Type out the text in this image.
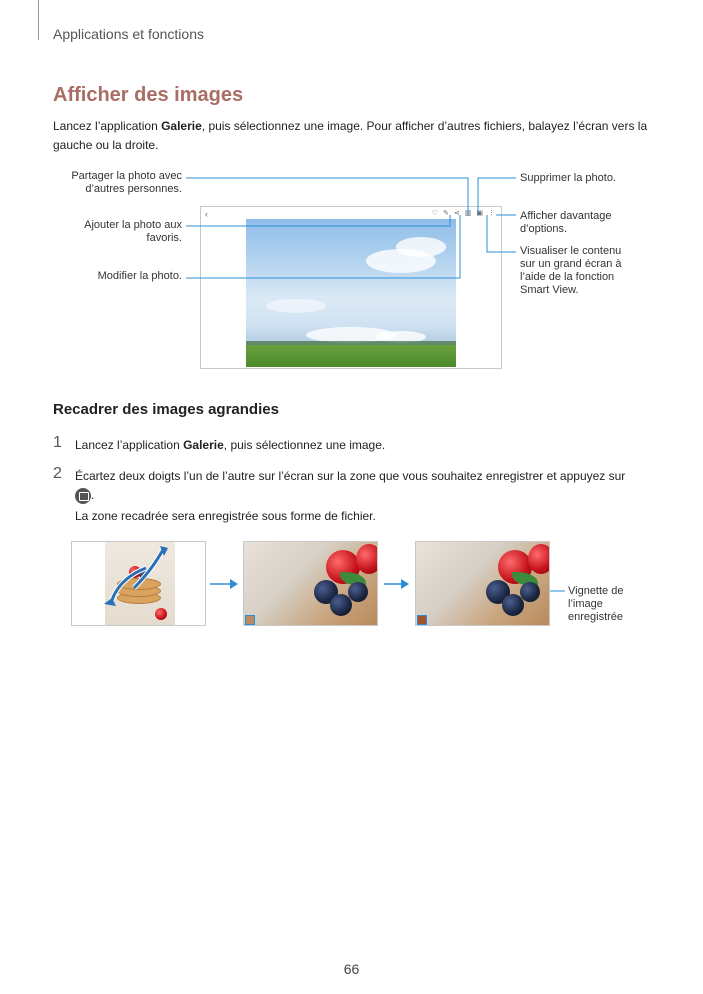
Applications et fonctions
Afficher des images

Lancez l’application Galerie, puis sélectionnez une image. Pour afficher d’autres fichiers, balayez l’écran vers la gauche ou la droite.

Partager la photo avec d’autres personnes.
Ajouter la photo aux favoris.
Modifier la photo.
Supprimer la photo.
Afficher davantage d’options.
Visualiser le contenu sur un grand écran à l’aide de la fonction Smart View.
‹	♡ ✎ ⋖ ▥ ▣ ⋮
Recadrer des images agrandies
1 Lancez l’application Galerie, puis sélectionnez une image.

2 Écartez deux doigts l’un de l’autre sur l’écran sur la zone que vous souhaitez enregistrer et appuyez sur
.

La zone recadrée sera enregistrée sous forme de fichier.

Vignette de l’image enregistrée
66
